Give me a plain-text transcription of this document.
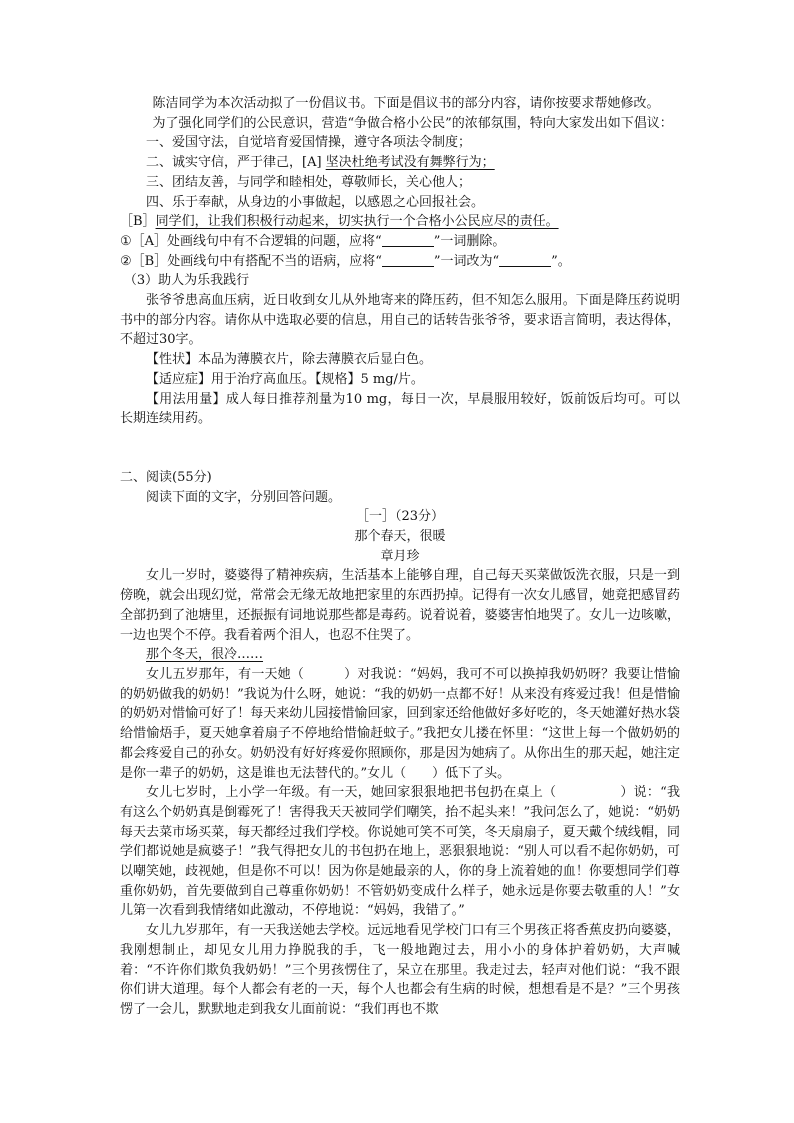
陈洁同学为本次活动拟了一份倡议书。下面是倡议书的部分内容，请你按要求帮她修改。

为了强化同学们的公民意识，营造“争做合格小公民”的浓郁氛围，特向大家发出如下倡议：

一、爱国守法，自觉培育爱国情操，遵守各项法令制度；

二、诚实守信，严于律己，[A] 坚决杜绝考试没有舞弊行为；

三、团结友善，与同学和睦相处，尊敬师长，关心他人；

四、乐于奉献，从身边的小事做起，以感恩之心回报社会。

［B］同学们，让我们积极行动起来，切实执行一个合格小公民应尽的责任。

①［A］处画线句中有不合逻辑的问题，应将“	”一词删除。

②［B］处画线句中有搭配不当的语病，应将“	”一词改为“	”。

（3）助人为乐我践行

张爷爷患高血压病，近日收到女儿从外地寄来的降压药，但不知怎么服用。下面是降压药说明书中的部分内容。请你从中选取必要的信息，用自己的话转告张爷爷，要求语言简明，表达得体，不超过30字。

【性状】本品为薄膜衣片，除去薄膜衣后显白色。

【适应症】用于治疗高血压。【规格】5 mg/片。

【用法用量】成人每日推荐剂量为10 mg，每日一次，早晨服用较好，饭前饭后均可。可以长期连续用药。

二、阅读(55分)

阅读下面的文字，分别回答问题。

［一］（23分）

那个春天，很暖

章月珍

女儿一岁时，婆婆得了精神疾病，生活基本上能够自理，自己每天买菜做饭洗衣服，只是一到傍晚，就会出现幻觉，常常会无缘无故地把家里的东西扔掉。记得有一次女儿感冒，她竟把感冒药全部扔到了池塘里，还振振有词地说那些都是毒药。说着说着，婆婆害怕地哭了。女儿一边咳嗽，一边也哭个不停。我看着两个泪人，也忍不住哭了。

那个冬天，很冷……

女儿五岁那年，有一天她（	）对我说：“妈妈，我可不可以换掉我奶奶呀？我要让惜愉的奶奶做我的奶奶！”我说为什么呀，她说：“我的奶奶一点都不好！从来没有疼爱过我！但是惜愉的奶奶对惜愉可好了！每天来幼儿园接惜愉回家，回到家还给他做好多好吃的，冬天她灌好热水袋给惜愉焐手，夏天她拿着扇子不停地给惜愉赶蚊子。”我把女儿搂在怀里：“这世上每一个做奶奶的都会疼爱自己的孙女。奶奶没有好好疼爱你照顾你，那是因为她病了。从你出生的那天起，她注定是你一辈子的奶奶，这是谁也无法替代的。”女儿（ ）低下了头。

女儿七岁时，上小学一年级。有一天，她回家狠狠地把书包扔在桌上（	）说：“我有这么个奶奶真是倒霉死了！害得我天天被同学们嘲笑，抬不起头来！”我问怎么了，她说：“奶奶每天去菜市场买菜，每天都经过我们学校。你说她可笑不可笑，冬天扇扇子，夏天戴个绒线帽，同学们都说她是疯婆子！”我气得把女儿的书包扔在地上，恶狠狠地说：“别人可以看不起你奶奶，可以嘲笑她，歧视她，但是你不可以！因为你是她最亲的人，你的身上流着她的血！你要想同学们尊重你奶奶，首先要做到自己尊重你奶奶！不管奶奶变成什么样子，她永远是你要去敬重的人！”女儿第一次看到我情绪如此激动，不停地说：“妈妈，我错了。”

女儿九岁那年，有一天我送她去学校。远远地看见学校门口有三个男孩正将香蕉皮扔向婆婆，我刚想制止，却见女儿用力挣脱我的手，飞一般地跑过去，用小小的身体护着奶奶，大声喊着：“不许你们欺负我奶奶！”三个男孩愣住了，呆立在那里。我走过去，轻声对他们说：“我不跟你们讲大道理。每个人都会有老的一天，每个人也都会有生病的时候，想想看是不是？”三个男孩愣了一会儿，默默地走到我女儿面前说：“我们再也不欺
